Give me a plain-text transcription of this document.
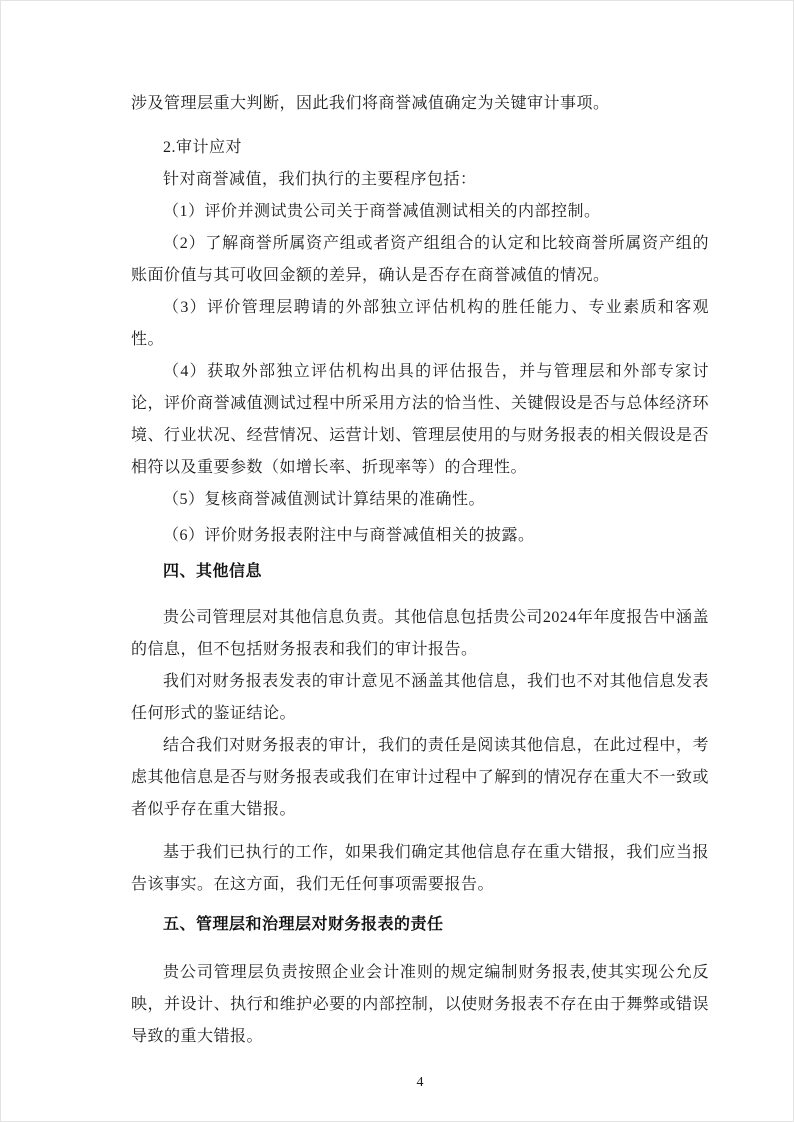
涉及管理层重大判断，因此我们将商誉减值确定为关键审计事项。

2.审计应对

针对商誉减值，我们执行的主要程序包括：

（1）评价并测试贵公司关于商誉减值测试相关的内部控制。

（2）了解商誉所属资产组或者资产组组合的认定和比较商誉所属资产组的账面价值与其可收回金额的差异，确认是否存在商誉减值的情况。

（3）评价管理层聘请的外部独立评估机构的胜任能力、专业素质和客观性。

（4）获取外部独立评估机构出具的评估报告，并与管理层和外部专家讨论，评价商誉减值测试过程中所采用方法的恰当性、关键假设是否与总体经济环境、行业状况、经营情况、运营计划、管理层使用的与财务报表的相关假设是否相符以及重要参数（如增长率、折现率等）的合理性。

（5）复核商誉减值测试计算结果的准确性。

（6）评价财务报表附注中与商誉减值相关的披露。

四、其他信息

贵公司管理层对其他信息负责。其他信息包括贵公司2024年年度报告中涵盖的信息，但不包括财务报表和我们的审计报告。

我们对财务报表发表的审计意见不涵盖其他信息，我们也不对其他信息发表任何形式的鉴证结论。

结合我们对财务报表的审计，我们的责任是阅读其他信息，在此过程中，考虑其他信息是否与财务报表或我们在审计过程中了解到的情况存在重大不一致或者似乎存在重大错报。

基于我们已执行的工作，如果我们确定其他信息存在重大错报，我们应当报告该事实。在这方面，我们无任何事项需要报告。

五、管理层和治理层对财务报表的责任

贵公司管理层负责按照企业会计准则的规定编制财务报表,使其实现公允反映，并设计、执行和维护必要的内部控制，以使财务报表不存在由于舞弊或错误导致的重大错报。

4
